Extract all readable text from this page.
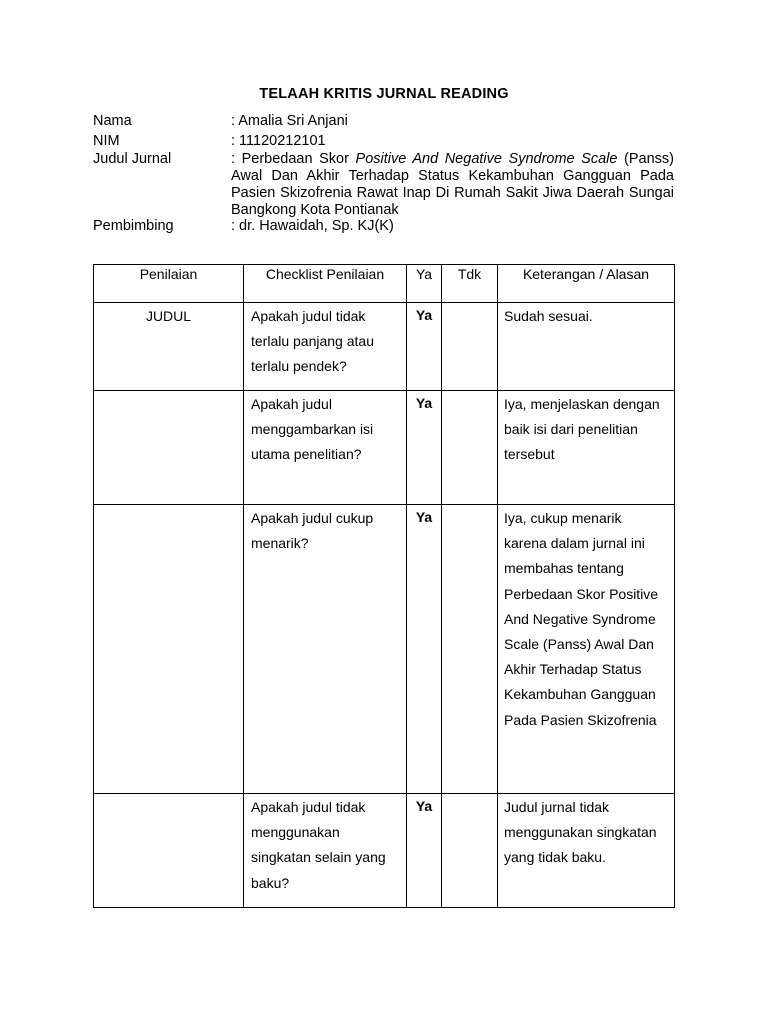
TELAAH KRITIS JURNAL READING
Nama	: Amalia Sri Anjani
NIM	: 11120212101
Judul Jurnal	: Perbedaan Skor Positive And Negative Syndrome Scale (Panss) Awal Dan Akhir Terhadap Status Kekambuhan Gangguan Pada Pasien Skizofrenia Rawat Inap Di Rumah Sakit Jiwa Daerah Sungai Bangkong Kota Pontianak
Pembimbing	: dr. Hawaidah, Sp. KJ(K)
Penilaian	Checklist Penilaian	Ya	Tdk	Keterangan / Alasan
JUDUL	Apakah judul tidak terlalu panjang atau terlalu pendek?	Ya		Sudah sesuai.
	Apakah judul menggambarkan isi utama penelitian?	Ya		Iya, menjelaskan dengan baik isi dari penelitian tersebut
	Apakah judul cukup menarik?	Ya		Iya, cukup menarik karena dalam jurnal ini membahas tentang Perbedaan Skor Positive And Negative Syndrome Scale (Panss) Awal Dan Akhir Terhadap Status Kekambuhan Gangguan Pada Pasien Skizofrenia
	Apakah judul tidak menggunakan singkatan selain yang baku?	Ya		Judul jurnal tidak menggunakan singkatan yang tidak baku.
